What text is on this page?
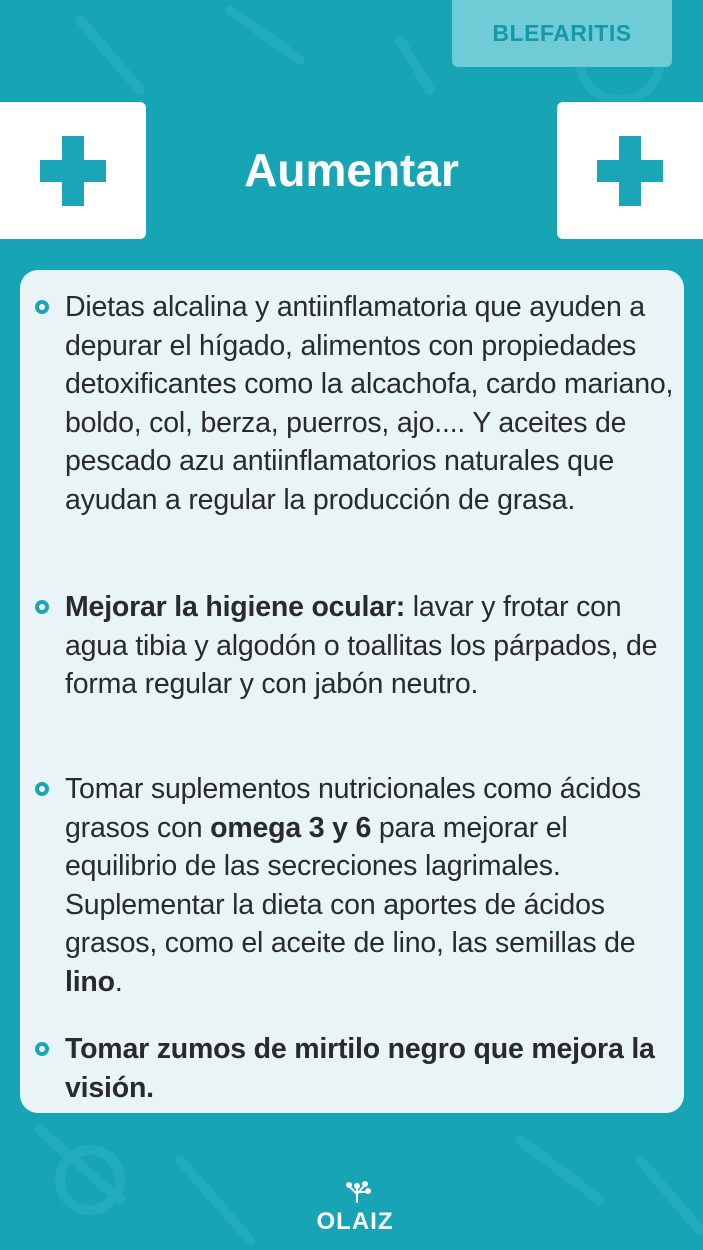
BLEFARITIS
Aumentar
Dietas alcalina y antiinflamatoria que ayuden a depurar el hígado, alimentos con propiedades detoxificantes como la alcachofa, cardo mariano, boldo, col, berza, puerros, ajo.... Y aceites de pescado azu antiinflamatorios naturales que ayudan a regular la producción de grasa.
Mejorar la higiene ocular: lavar y frotar con agua tibia y algodón o toallitas los párpados, de forma regular y con jabón neutro.
Tomar suplementos nutricionales como ácidos grasos con omega 3 y 6 para mejorar el equilibrio de las secreciones lagrimales. Suplementar la dieta con aportes de ácidos grasos, como el aceite de lino, las semillas de lino.
Tomar zumos de mirtilo negro que mejora la visión.
OLAIZ
